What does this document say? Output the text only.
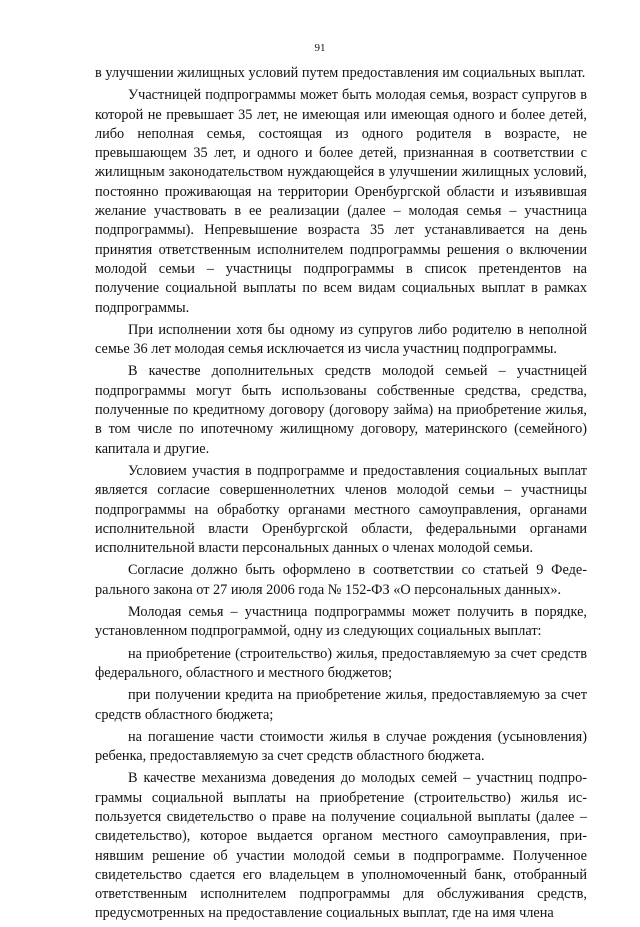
91

в улучшении жилищных условий путем предоставления им социальных выплат.

Участницей подпрограммы может быть молодая семья, возраст супругов в которой не превышает 35 лет, не имеющая или имеющая одного и более детей, либо неполная семья, состоящая из одного родителя в возрасте, не превышающем 35 лет, и одного и более детей, признанная в соответствии с жилищным законодательством нуждающейся в улучшении жилищных условий, постоянно проживающая на территории Оренбургской области и изъявившая желание участвовать в ее реализации (далее – молодая семья – участница подпрограммы). Непревышение возраста 35 лет устанавливается на день принятия ответственным исполнителем подпрограммы решения о включении молодой семьи – участницы подпрограммы в список претендентов на получение социальной выплаты по всем видам социальных выплат в рамках подпрограммы.

При исполнении хотя бы одному из супругов либо родителю в неполной семье 36 лет молодая семья исключается из числа участниц подпрограммы.

В качестве дополнительных средств молодой семьей – участницей подпрограммы могут быть использованы собственные средства, средства, полученные по кредитному договору (договору займа) на приобретение жилья, в том числе по ипотечному жилищному договору, материнского (семейного) капитала и другие.

Условием участия в подпрограмме и предоставления социальных выплат является согласие совершеннолетних членов молодой семьи – участницы подпрограммы на обработку органами местного самоуправления, органами исполнительной власти Оренбургской области, федеральными органами исполнительной власти персональных данных о членах молодой семьи.

Согласие должно быть оформлено в соответствии со статьей 9 Федерального закона от 27 июля 2006 года № 152-ФЗ «О персональных данных».

Молодая семья – участница подпрограммы может получить в порядке, установленном подпрограммой, одну из следующих социальных выплат:

на приобретение (строительство) жилья, предоставляемую за счет средств федерального, областного и местного бюджетов;

при получении кредита на приобретение жилья, предоставляемую за счет средств областного бюджета;

на погашение части стоимости жилья в случае рождения (усыновления) ребенка, предоставляемую за счет средств областного бюджета.

В качестве механизма доведения до молодых семей – участниц подпрограммы социальной выплаты на приобретение (строительство) жилья используется свидетельство о праве на получение социальной выплаты (далее – свидетельство), которое выдается органом местного самоуправления, принявшим решение об участии молодой семьи в подпрограмме. Полученное свидетельство сдается его владельцем в уполномоченный банк, отобранный ответственным исполнителем подпрограммы для обслуживания средств, предусмотренных на предоставление социальных выплат, где на имя члена
